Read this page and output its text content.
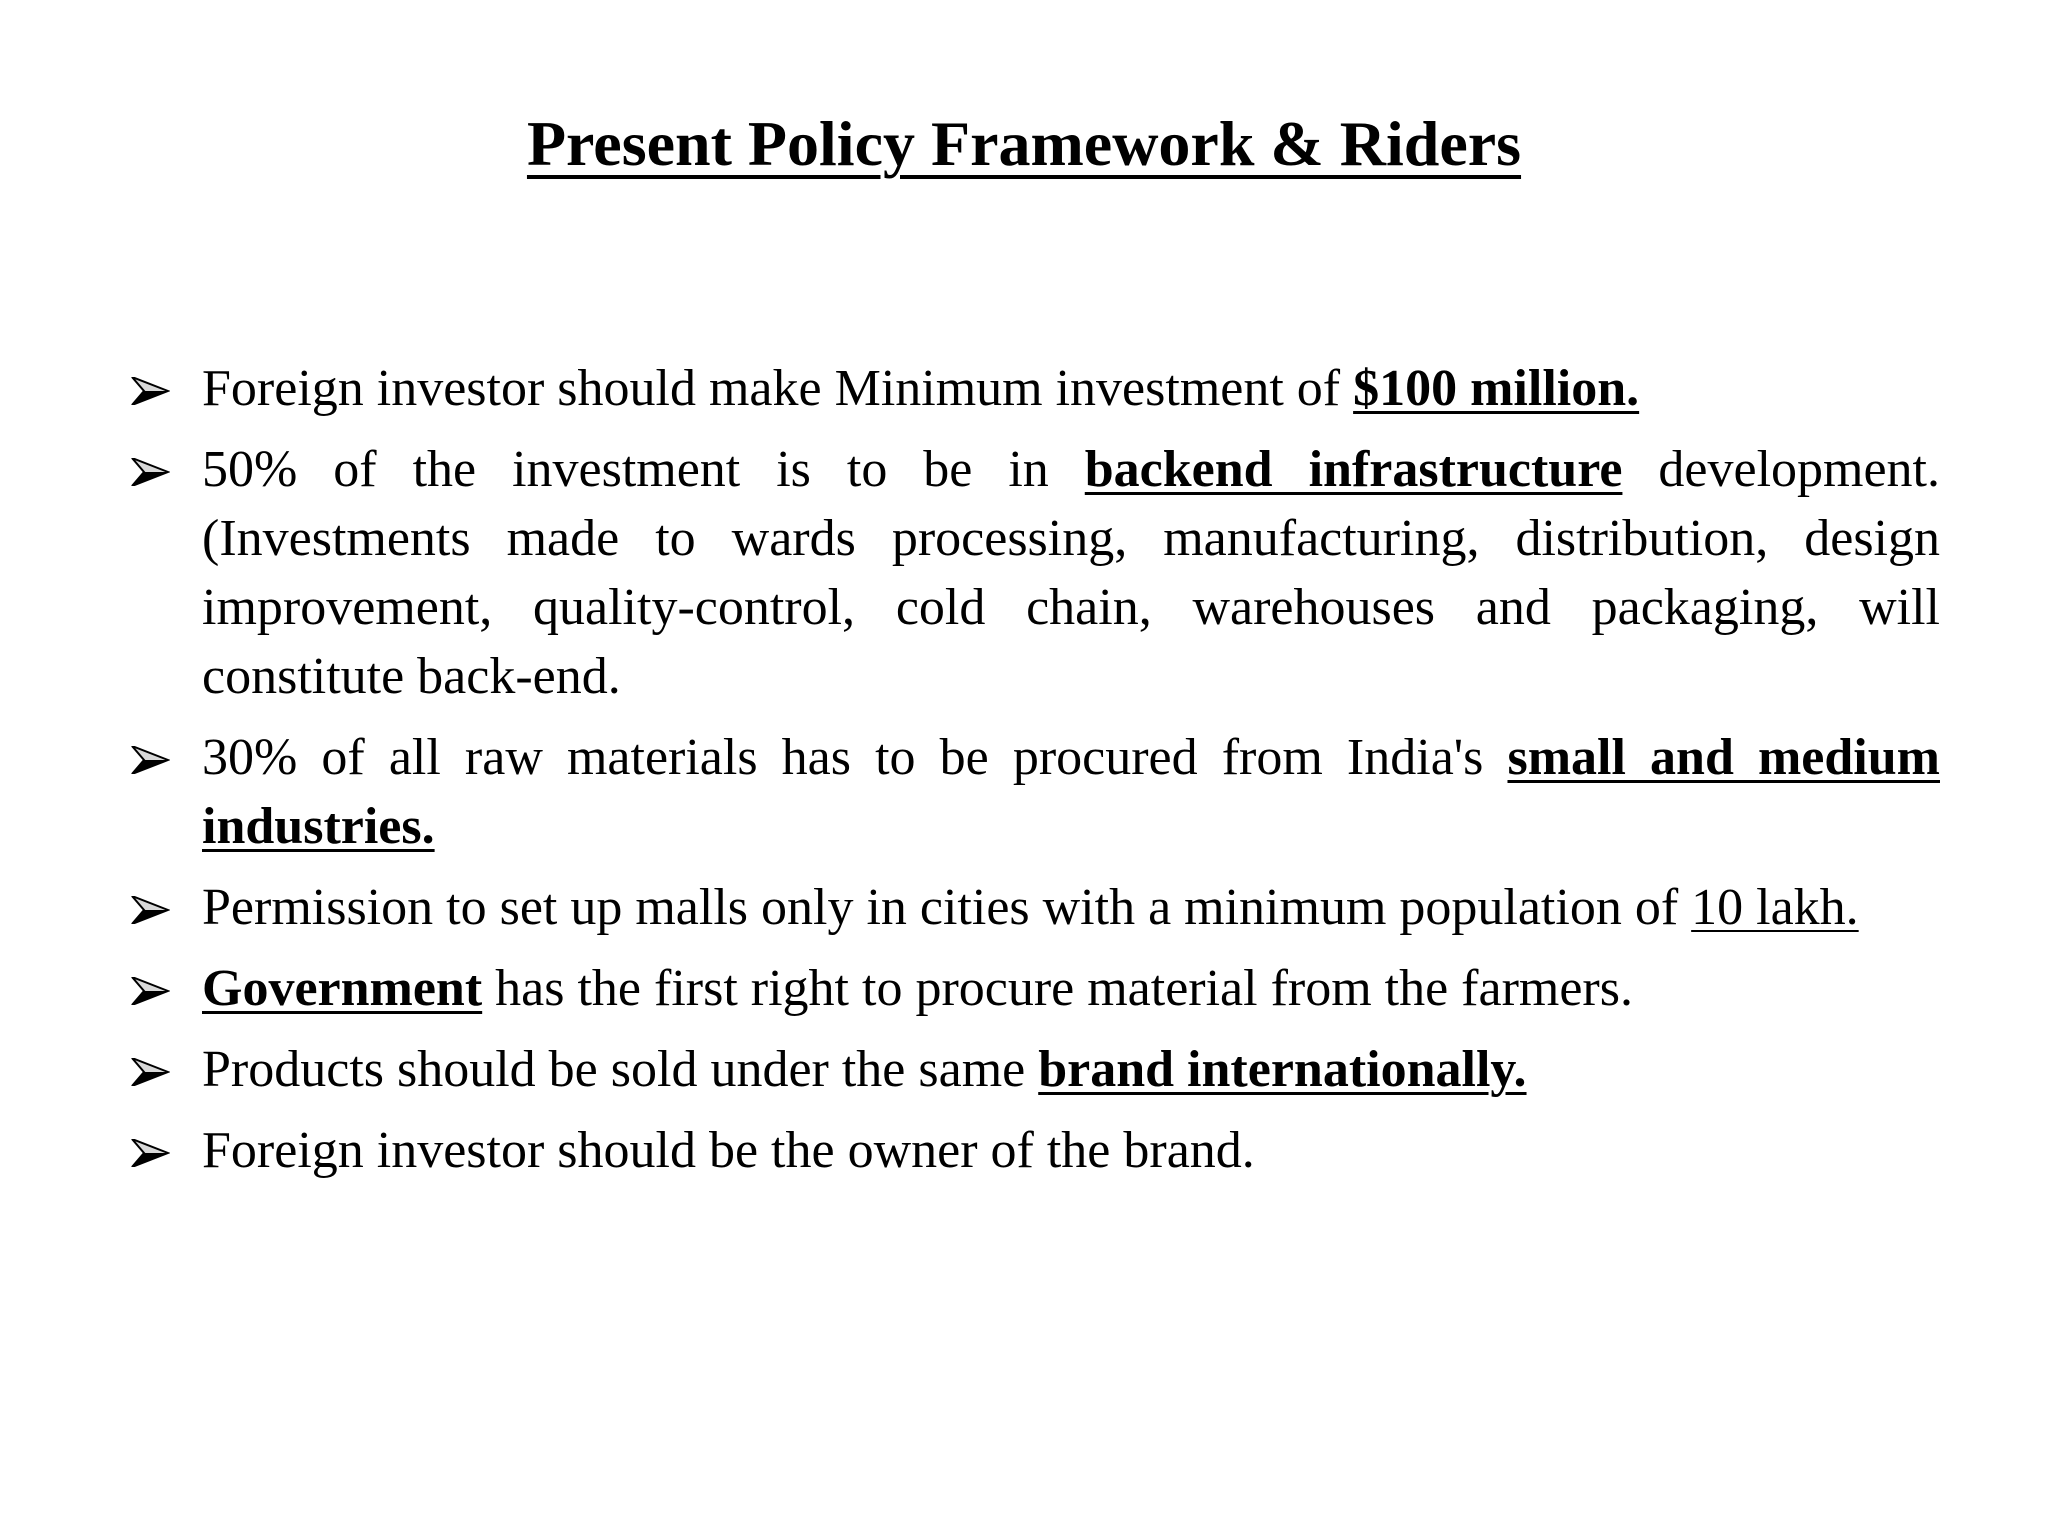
Present Policy Framework & Riders
Foreign investor should make Minimum investment of $100 million.
50% of the investment is to be in backend infrastructure development.(Investments made to wards processing, manufacturing, distribution, design improvement, quality-control, cold chain, warehouses and packaging, will constitute back-end.
30% of all raw materials has to be procured from India's small and medium industries.
Permission to set up malls only in cities with a minimum population of 10 lakh.
Government has the first right to procure material from the farmers.
Products should be sold under the same brand internationally.
Foreign investor should be the owner of the brand.
